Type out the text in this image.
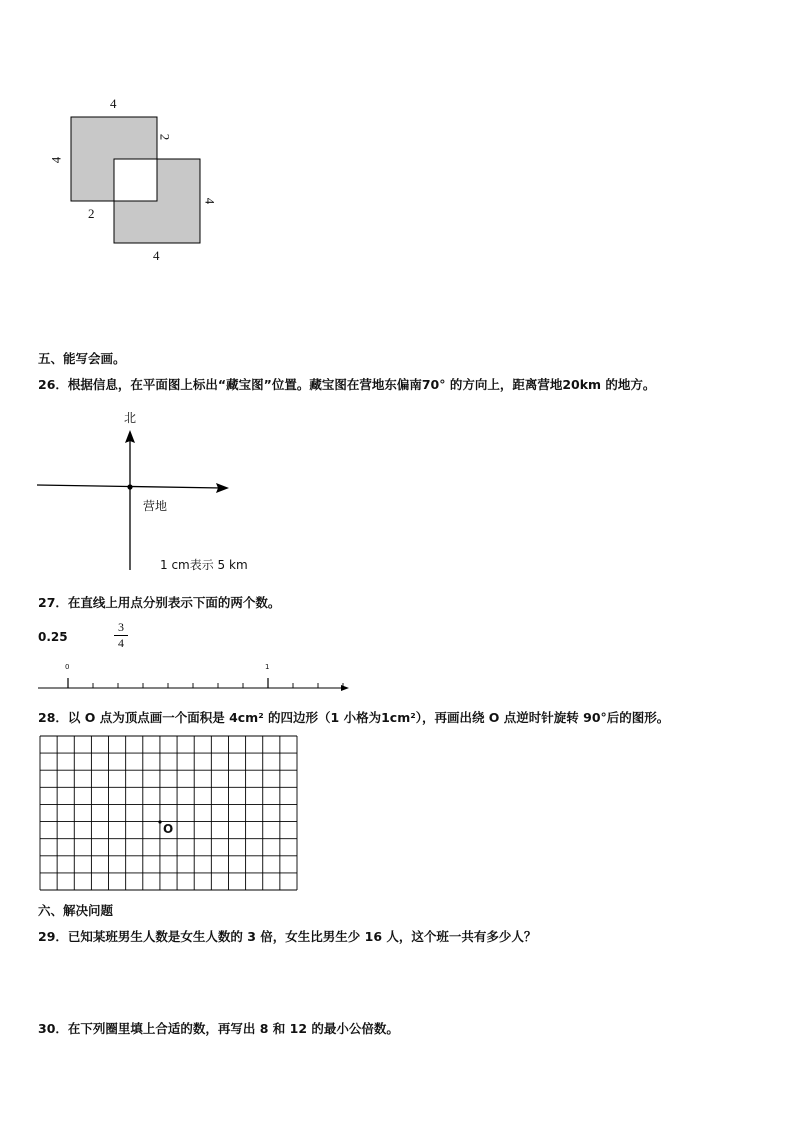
4
4
2
2
4
4
五、能写会画。
26．根据信息，在平面图上标出“藏宝图”位置。藏宝图在营地东偏南70° 的方向上，距离营地20km 的地方。
北
营地
1 cm表示 5 km
27．在直线上用点分别表示下面的两个数。
0.25
3
4
0	1
28．以 O 点为顶点画一个面积是 4cm² 的四边形（1 小格为1cm²），再画出绕 O 点逆时针旋转 90°后的图形。
O
六、解决问题
29．已知某班男生人数是女生人数的 3 倍，女生比男生少 16 人，这个班一共有多少人？
30．在下列圈里填上合适的数，再写出 8 和 12 的最小公倍数。
